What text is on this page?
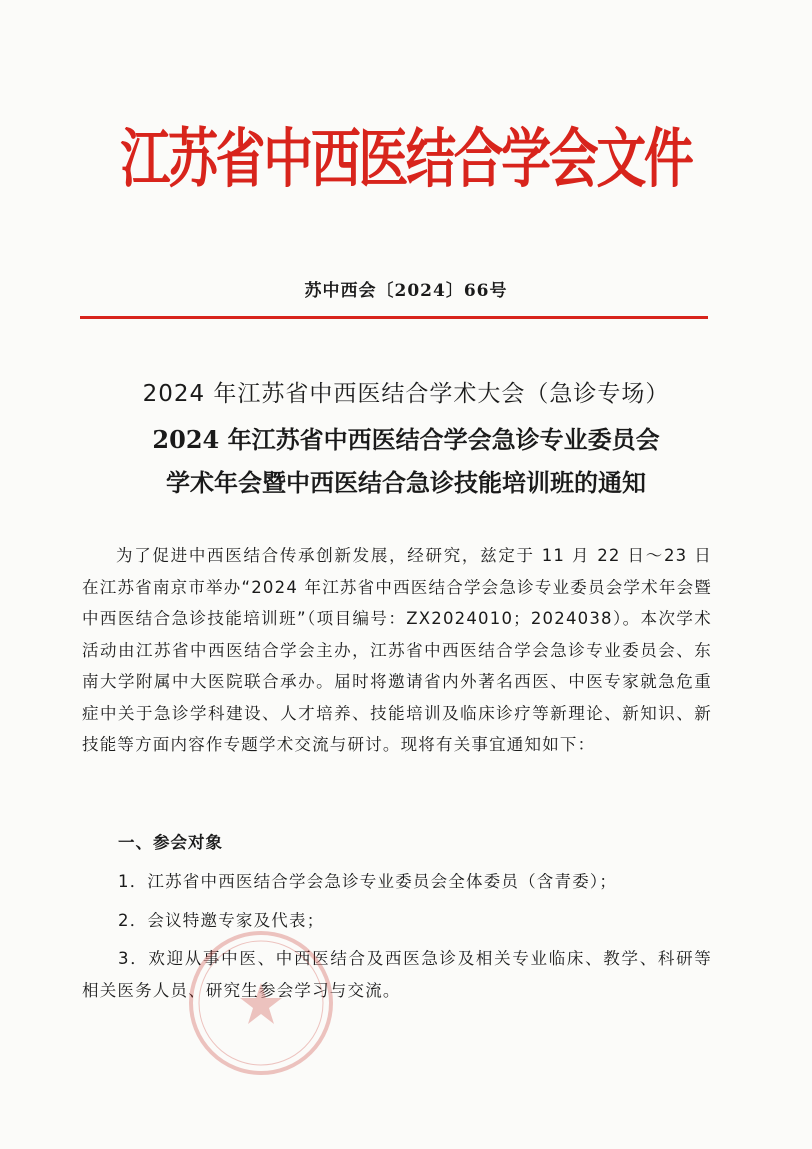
江苏省中西医结合学会文件
苏中西会〔2024〕66号
2024 年江苏省中西医结合学术大会（急诊专场）
2024 年江苏省中西医结合学会急诊专业委员会
学术年会暨中西医结合急诊技能培训班的通知

为了促进中西医结合传承创新发展，经研究，兹定于 11 月 22 日～23 日在江苏省南京市举办“2024 年江苏省中西医结合学会急诊专业委员会学术年会暨中西医结合急诊技能培训班”（项目编号：ZX2024010；2024038）。本次学术活动由江苏省中西医结合学会主办，江苏省中西医结合学会急诊专业委员会、东南大学附属中大医院联合承办。届时将邀请省内外著名西医、中医专家就急危重症中关于急诊学科建设、人才培养、技能培训及临床诊疗等新理论、新知识、新技能等方面内容作专题学术交流与研讨。现将有关事宜通知如下：

一、参会对象
1．江苏省中西医结合学会急诊专业委员会全体委员（含青委）；
2．会议特邀专家及代表；
3．欢迎从事中医、中西医结合及西医急诊及相关专业临床、教学、科研等相关医务人员、研究生参会学习与交流。
